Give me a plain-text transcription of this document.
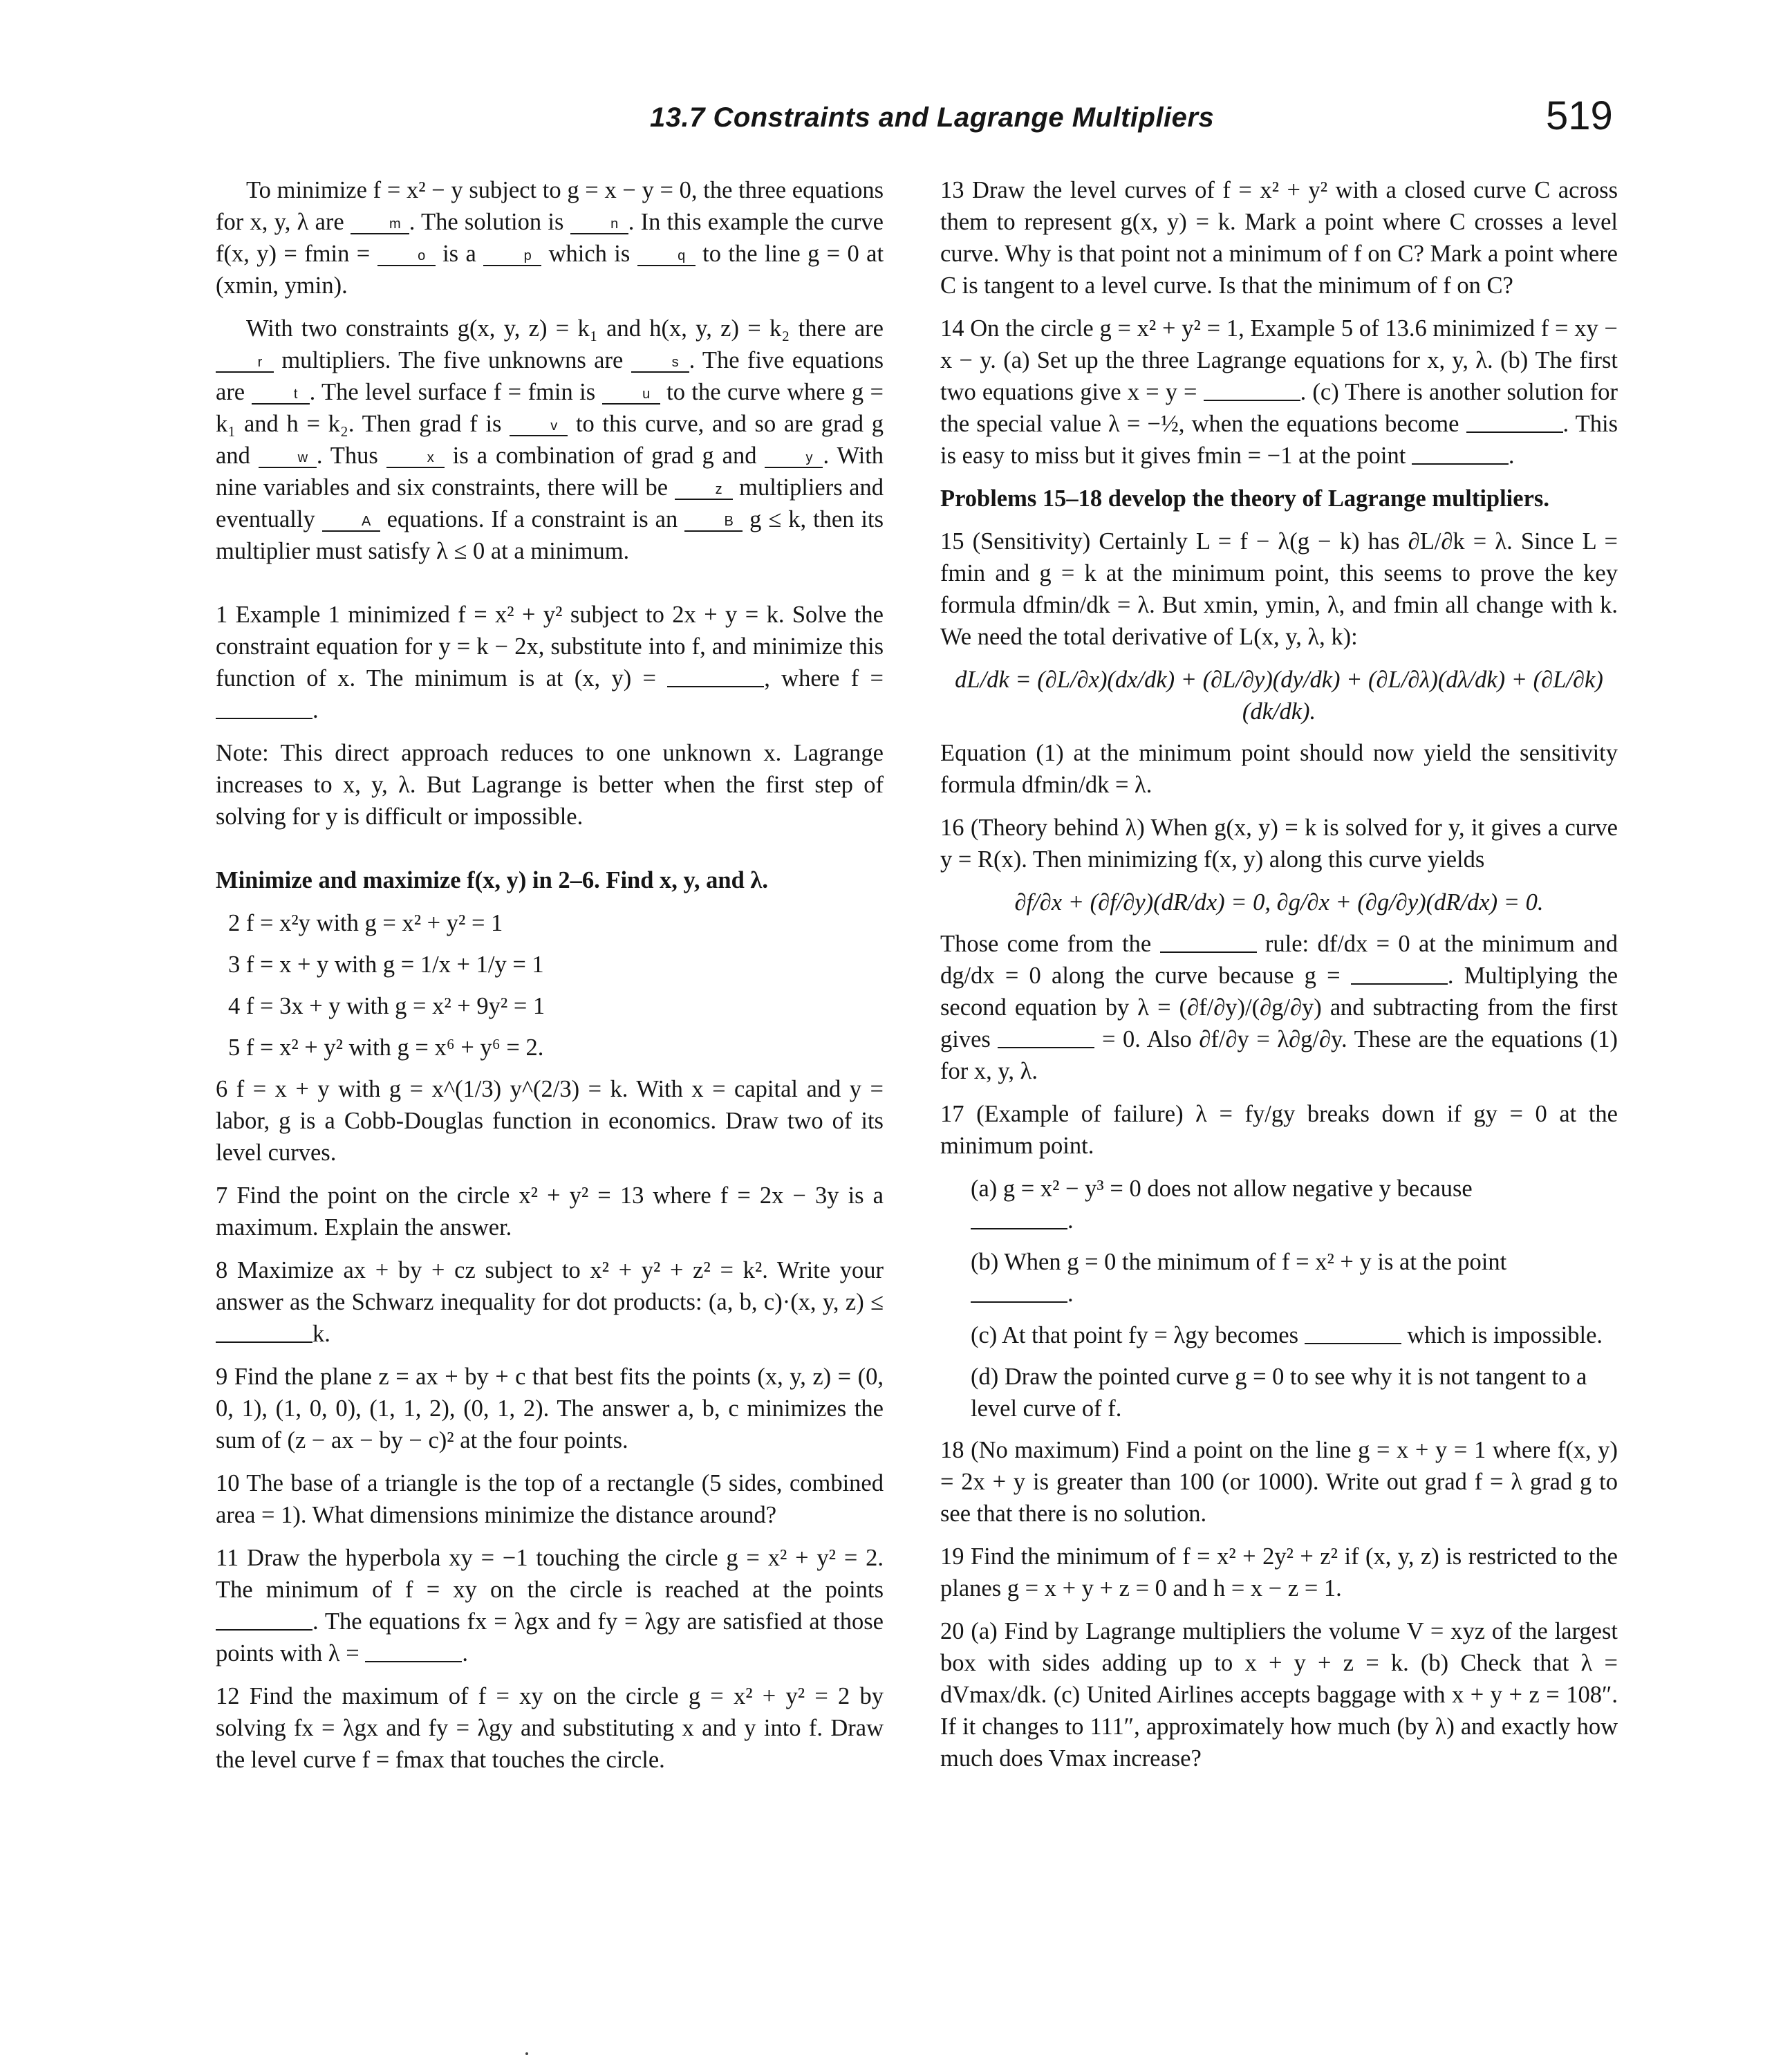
13.7 Constraints and Lagrange Multipliers	519

To minimize f = x² − y subject to g = x − y = 0, the three equations for x, y, λ are	m . The solution is	n . In this example the curve f(x, y) = fmin =	o is a	p which is	q to the line g = 0 at (xmin, ymin).

With two constraints g(x, y, z) = k₁ and h(x, y, z) = k₂ there are r multipliers. The five unknowns are	s . The five equations are	t . The level surface f = fmin is	u to the curve where g = k₁ and h = k₂. Then grad f is	v to this curve, and so are grad g and	w . Thus	x is a combination of grad g and	y . With nine variables and six constraints, there will be	z multipliers and eventually	A equations. If a constraint is an	B g ≤ k, then its multiplier must satisfy λ ≤ 0 at a minimum.

1 Example 1 minimized f = x² + y² subject to 2x + y = k. Solve the constraint equation for y = k − 2x, substitute into f, and minimize this function of x. The minimum is at (x, y) =	, where f = .

Note: This direct approach reduces to one unknown x. Lagrange increases to x, y, λ. But Lagrange is better when the first step of solving for y is difficult or impossible.

Minimize and maximize f(x, y) in 2–6. Find x, y, and λ.

2 f = x²y with g = x² + y² = 1

3 f = x + y with g = 1/x + 1/y = 1

4 f = 3x + y with g = x² + 9y² = 1

5 f = x² + y² with g = x⁶ + y⁶ = 2.

6 f = x + y with g = x^(1/3) y^(2/3) = k. With x = capital and y = labor, g is a Cobb-Douglas function in economics. Draw two of its level curves.

7 Find the point on the circle x² + y² = 13 where f = 2x − 3y is a maximum. Explain the answer.

8 Maximize ax + by + cz subject to x² + y² + z² = k². Write your answer as the Schwarz inequality for dot products: (a, b, c)·(x, y, z) ≤ k.

9 Find the plane z = ax + by + c that best fits the points (x, y, z) = (0, 0, 1), (1, 0, 0), (1, 1, 2), (0, 1, 2). The answer a, b, c minimizes the sum of (z − ax − by − c)² at the four points.

10 The base of a triangle is the top of a rectangle (5 sides, combined area = 1). What dimensions minimize the distance around?

11 Draw the hyperbola xy = −1 touching the circle g = x² + y² = 2. The minimum of f = xy on the circle is reached at the points . The equations fx = λgx and fy = λgy are satisfied at those points with λ =	.

12 Find the maximum of f = xy on the circle g = x² + y² = 2 by solving fx = λgx and fy = λgy and substituting x and y into f. Draw the level curve f = fmax that touches the circle.

13 Draw the level curves of f = x² + y² with a closed curve C across them to represent g(x, y) = k. Mark a point where C crosses a level curve. Why is that point not a minimum of f on C? Mark a point where C is tangent to a level curve. Is that the minimum of f on C?

14 On the circle g = x² + y² = 1, Example 5 of 13.6 minimized f = xy − x − y. (a) Set up the three Lagrange equations for x, y, λ. (b) The first two equations give x = y =	. (c) There is another solution for the special value λ = −½, when the equations become	. This is easy to miss but it gives fmin = −1 at the point	.

Problems 15–18 develop the theory of Lagrange multipliers.

15 (Sensitivity) Certainly L = f − λ(g − k) has ∂L/∂k = λ. Since L = fmin and g = k at the minimum point, this seems to prove the key formula dfmin/dk = λ. But xmin, ymin, λ, and fmin all change with k. We need the total derivative of L(x, y, λ, k):

dL/dk = (∂L/∂x)(dx/dk) + (∂L/∂y)(dy/dk) + (∂L/∂λ)(dλ/dk) + (∂L/∂k)(dk/dk).

Equation (1) at the minimum point should now yield the sensitivity formula dfmin/dk = λ.

16 (Theory behind λ) When g(x, y) = k is solved for y, it gives a curve y = R(x). Then minimizing f(x, y) along this curve yields

∂f/∂x + (∂f/∂y)(dR/dx) = 0, ∂g/∂x + (∂g/∂y)(dR/dx) = 0.

Those come from the	rule: df/dx = 0 at the minimum and dg/dx = 0 along the curve because g =	. Multiplying the second equation by λ = (∂f/∂y)/(∂g/∂y) and subtracting from the first gives	= 0. Also ∂f/∂y = λ∂g/∂y. These are the equations (1) for x, y, λ.

17 (Example of failure) λ = fy/gy breaks down if gy = 0 at the minimum point.

(a) g = x² − y³ = 0 does not allow negative y because
.

(b) When g = 0 the minimum of f = x² + y is at the point
.

(c) At that point fy = λgy becomes	which is impossible.

(d) Draw the pointed curve g = 0 to see why it is not tangent to a level curve of f.

18 (No maximum) Find a point on the line g = x + y = 1 where f(x, y) = 2x + y is greater than 100 (or 1000). Write out grad f = λ grad g to see that there is no solution.

19 Find the minimum of f = x² + 2y² + z² if (x, y, z) is restricted to the planes g = x + y + z = 0 and h = x − z = 1.

20 (a) Find by Lagrange multipliers the volume V = xyz of the largest box with sides adding up to x + y + z = k. (b) Check that λ = dVmax/dk. (c) United Airlines accepts baggage with x + y + z = 108″. If it changes to 111″, approximately how much (by λ) and exactly how much does Vmax increase?
